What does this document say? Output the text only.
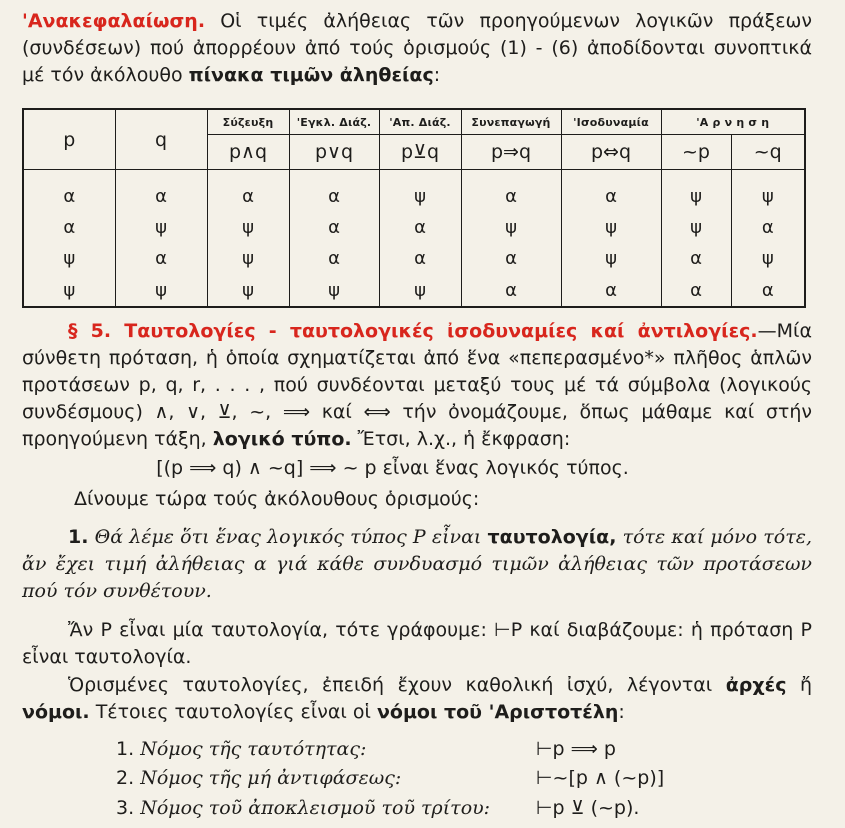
'Ανακεφαλαίωση. Οἱ τιμές ἀλήθειας τῶν προηγούμενων λογικῶν πράξεων (συνδέσεων) πού ἀπορρέουν ἀπό τούς ὁρισμούς (1) - (6) ἀποδίδονται συνοπτικά μέ τόν ἀκόλουθο πίνακα τιμῶν ἀληθείας:
p	q	Σύζευξη	'Εγκλ. Διάζ.	'Απ. Διάζ.	Συνεπαγωγή	'Ισοδυναμία	'Α ρ ν η σ η	
		p∧q	p∨q	p⊻q	p⇒q	p⇔q	~p	~q
α	α	α	α	ψ	α	α	ψ	ψ
α	ψ	ψ	α	α	ψ	ψ	ψ	α
ψ	α	ψ	α	α	α	ψ	α	ψ
ψ	ψ	ψ	ψ	ψ	α	α	α	α
§ 5. Ταυτολογίες - ταυτολογικές ἰσοδυναμίες καί ἀντιλογίες.—Μία σύνθετη πρόταση, ἡ ὁποία σχηματίζεται ἀπό ἕνα «πεπερασμένο*» πλῆθος ἁπλῶν προτάσεων p, q, r, . . . , πού συνδέονται μεταξύ τους μέ τά σύμβολα (λογικούς συνδέσμους) ∧, ∨, ⊻, ~, ⟹ καί ⟺ τήν ὀνομάζουμε, ὅπως μάθαμε καί στήν προηγούμενη τάξη, λογικό τύπο. Ἔτσι, λ.χ., ἡ ἔκφραση:
[(p ⟹ q) ∧ ~q] ⟹ ~ p εἶναι ἕνας λογικός τύπος.
Δίνουμε τώρα τούς ἀκόλουθους ὁρισμούς:
1. Θά λέμε ὅτι ἕνας λογικός τύπος P εἶναι ταυτολογία, τότε καί μόνο τότε, ἄν ἔχει τιμή ἀλήθειας α γιά κάθε συνδυασμό τιμῶν ἀλήθειας τῶν προτάσεων πού τόν συνθέτουν.
Ἄν P εἶναι μία ταυτολογία, τότε γράφουμε: ⊢P καί διαβάζουμε: ἡ πρόταση P εἶναι ταυτολογία.
Ὁρισμένες ταυτολογίες, ἐπειδή ἔχουν καθολική ἰσχύ, λέγονται ἀρχές ἤ νόμοι. Τέτοιες ταυτολογίες εἶναι οἱ νόμοι τοῦ 'Αριστοτέλη:
1. Νόμος τῆς ταυτότητας:	⊢p ⟹ p
2. Νόμος τῆς μή ἀντιφάσεως:	⊢~[p ∧ (~p)]
3. Νόμος τοῦ ἀποκλεισμοῦ τοῦ τρίτου: ⊢p ⊻ (~p).
